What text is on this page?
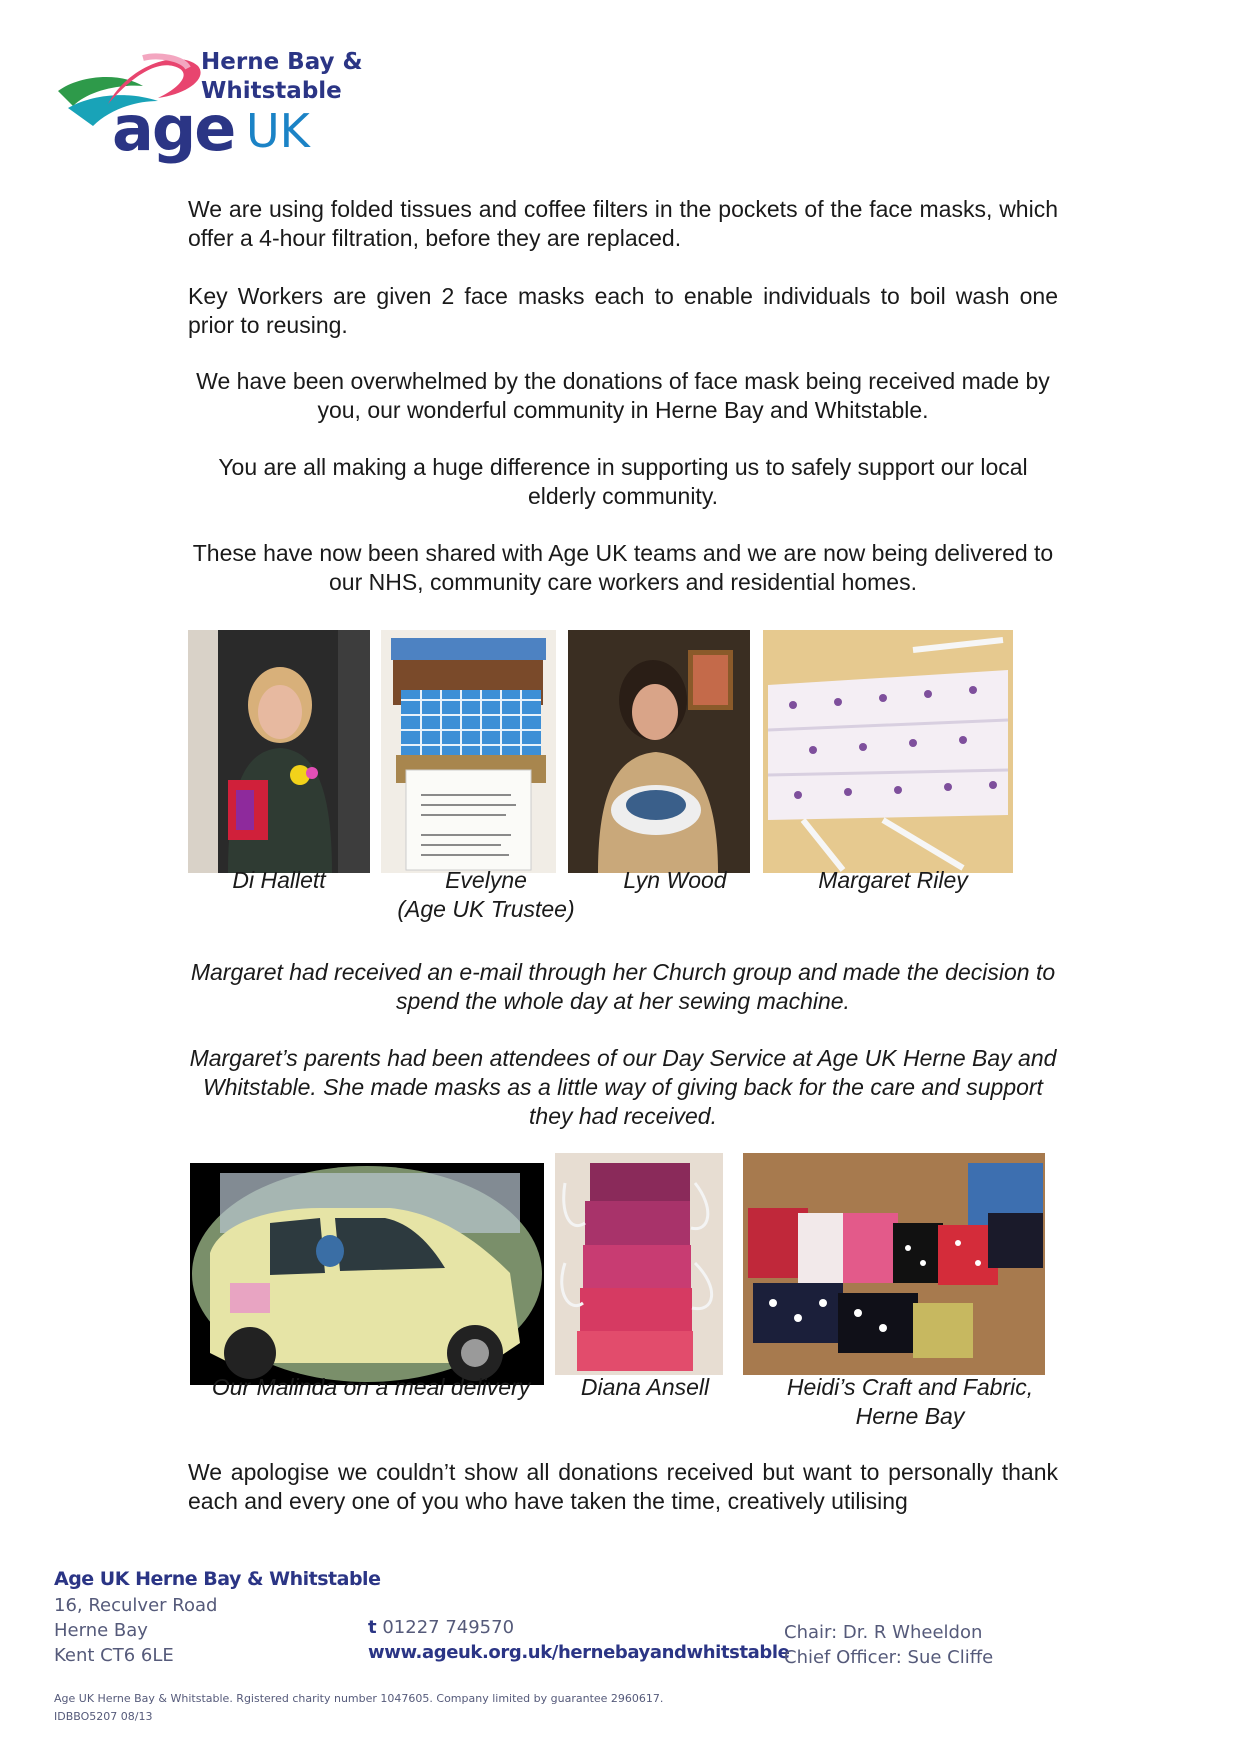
Herne Bay &
Whitstable
age UK
We are using folded tissues and coffee filters in the pockets of the face masks, which offer a 4-hour filtration, before they are replaced.
Key Workers are given 2 face masks each to enable individuals to boil wash one prior to reusing.
We have been overwhelmed by the donations of face mask being received made by you, our wonderful community in Herne Bay and Whitstable.
You are all making a huge difference in supporting us to safely support our local elderly community.
These have now been shared with Age UK teams and we are now being delivered to our NHS, community care workers and residential homes.
Di Hallett	Evelyne
(Age UK Trustee)
Lyn Wood	Margaret Riley
Margaret had received an e-mail through her Church group and made the decision to spend the whole day at her sewing machine.
Margaret’s parents had been attendees of our Day Service at Age UK Herne Bay and Whitstable. She made masks as a little way of giving back for the care and support they had received.
Our Malinda on a meal delivery	Diana Ansell	Heidi’s Craft and Fabric,
Herne Bay
We apologise we couldn’t show all donations received but want to personally thank each and every one of you who have taken the time, creatively utilising
Age UK Herne Bay & Whitstable
16, Reculver Road
Herne Bay
Kent CT6 6LE
t 01227 749570
www.ageuk.org.uk/hernebayandwhitstable
Chair: Dr. R Wheeldon
Chief Officer: Sue Cliffe
Age UK Herne Bay & Whitstable. Rgistered charity number 1047605. Company limited by guarantee 2960617.
IDBBO5207 08/13
